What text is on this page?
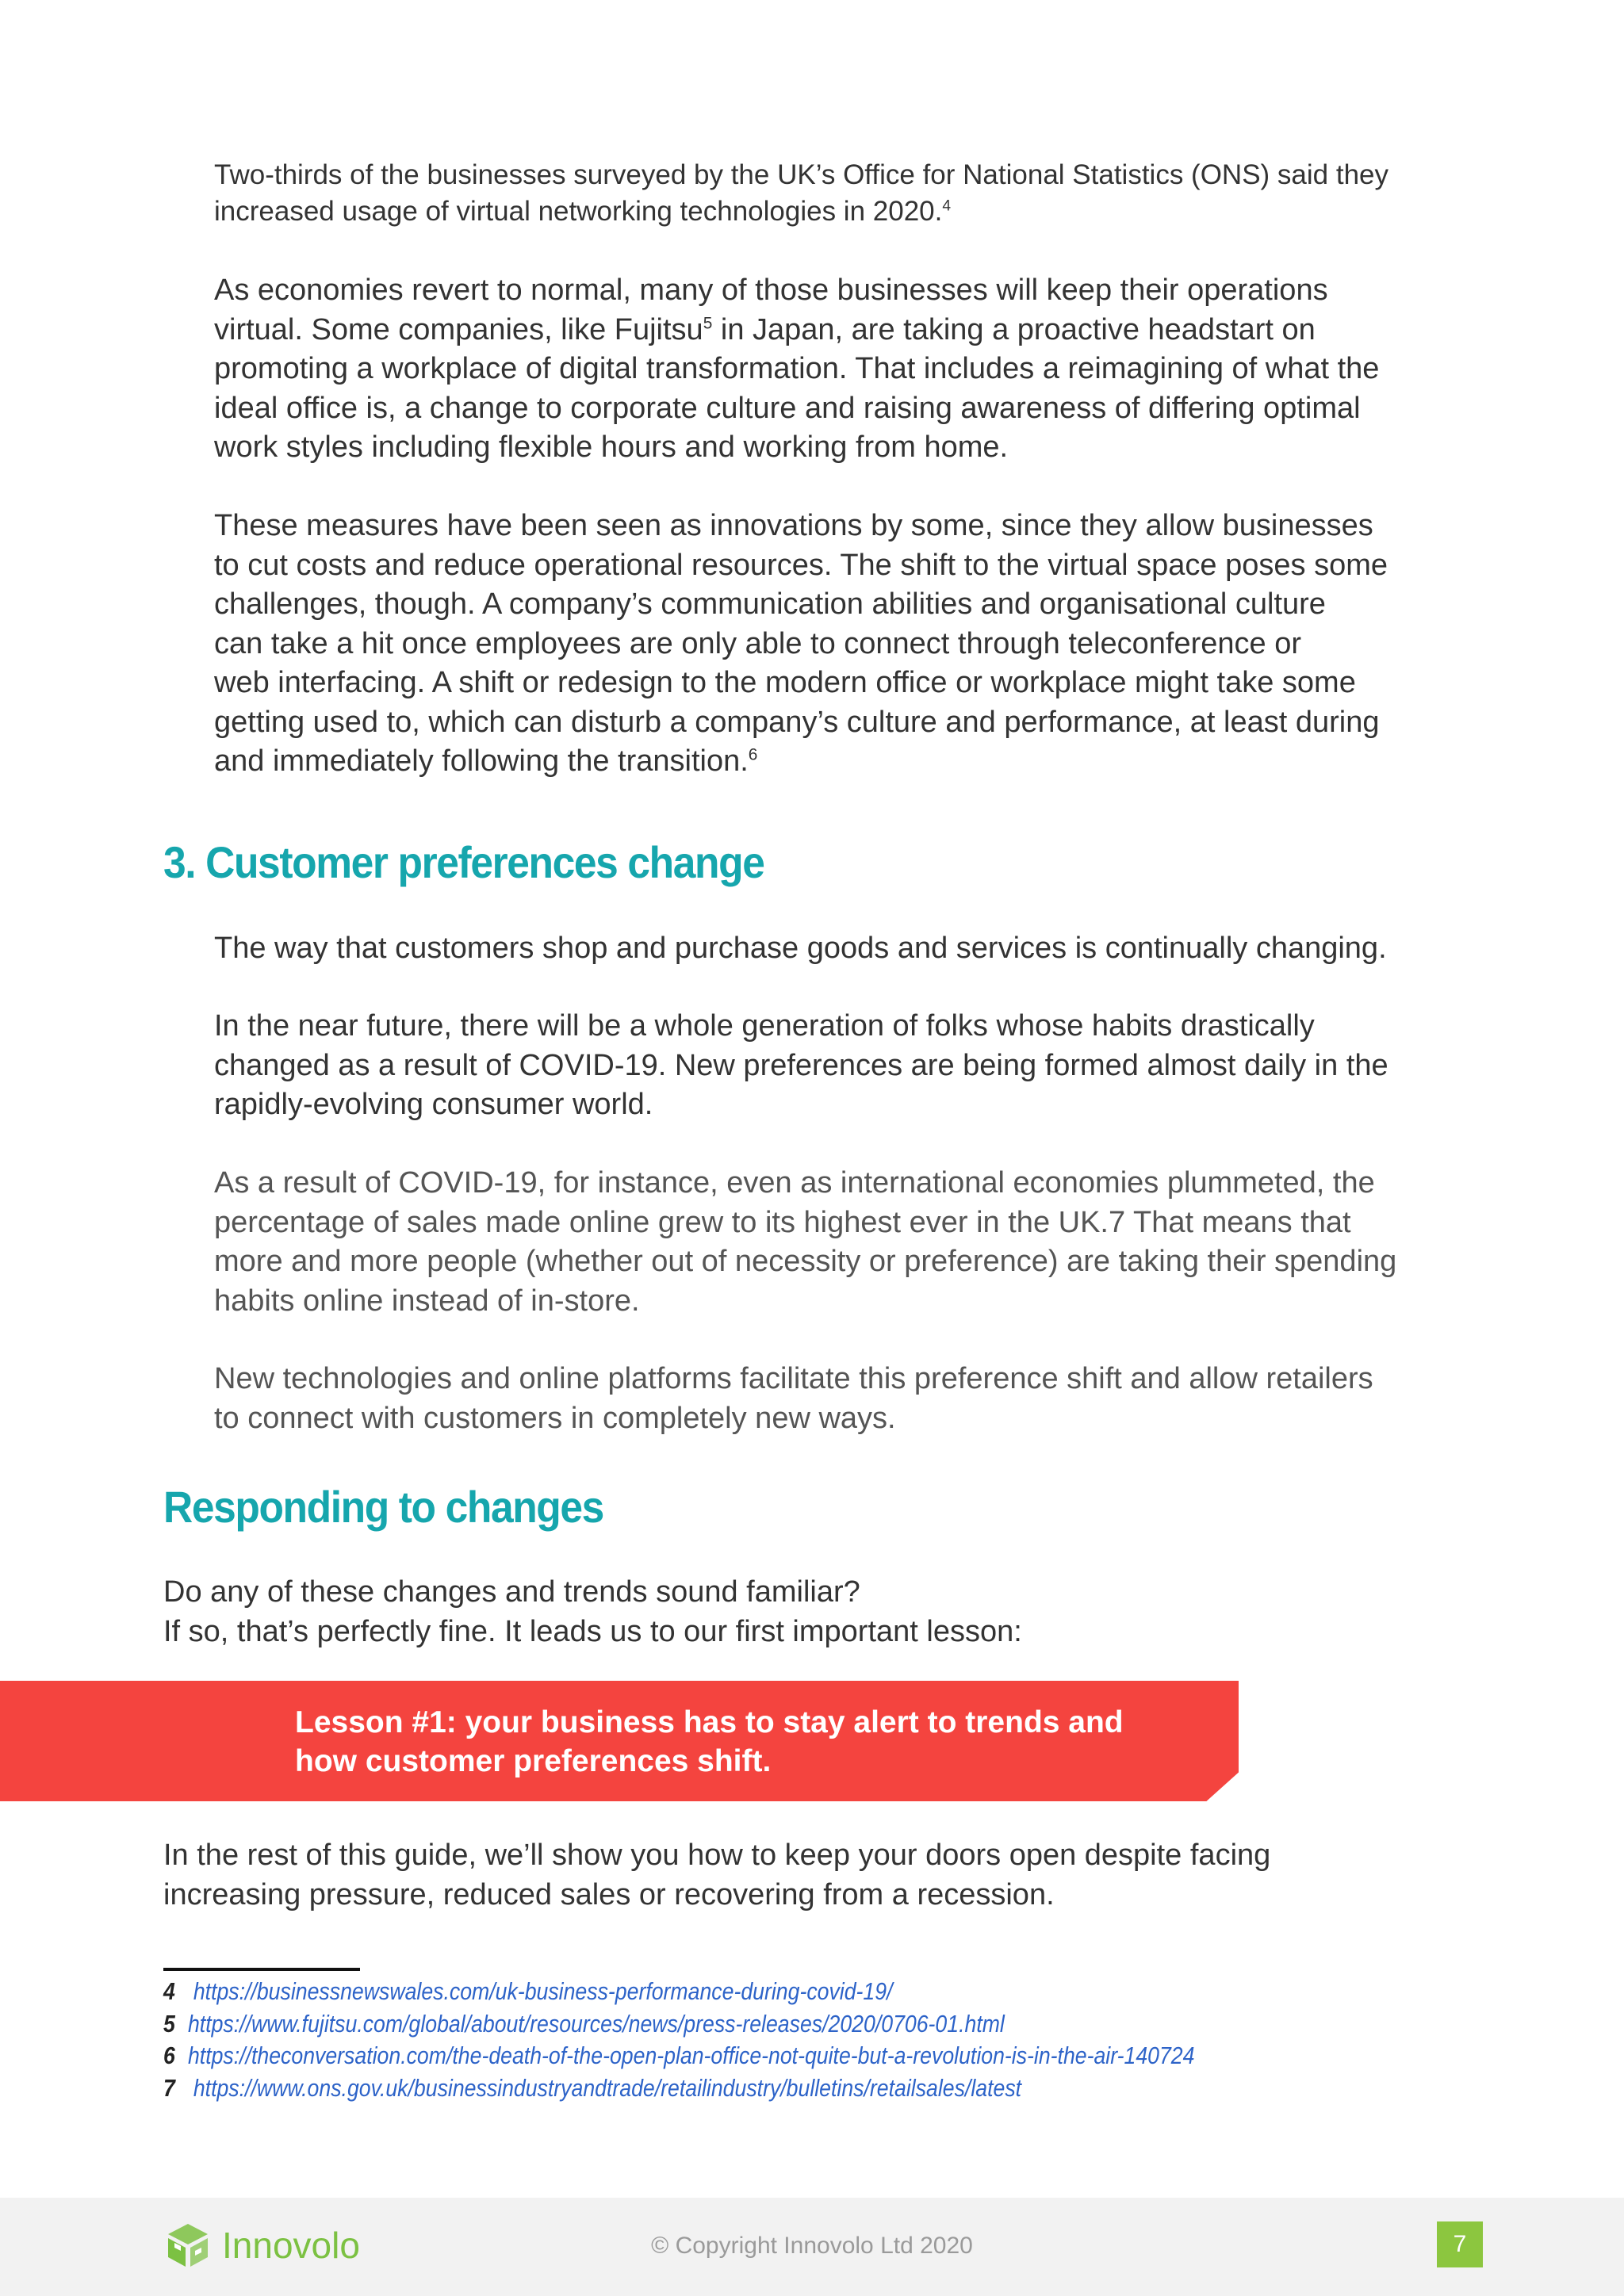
Two-thirds of the businesses surveyed by the UK’s Office for National Statistics (ONS) said they
increased usage of virtual networking technologies in 2020.$^4$

As economies revert to normal, many of those businesses will keep their operations
virtual. Some companies, like Fujitsu$^5$ in Japan, are taking a proactive headstart on
promoting a workplace of digital transformation. That includes a reimagining of what the
ideal office is, a change to corporate culture and raising awareness of differing optimal
work styles including flexible hours and working from home.

These measures have been seen as innovations by some, since they allow businesses
to cut costs and reduce operational resources. The shift to the virtual space poses some
challenges, though. A company’s communication abilities and organisational culture
can take a hit once employees are only able to connect through teleconference or
web interfacing. A shift or redesign to the modern office or workplace might take some
getting used to, which can disturb a company’s culture and performance, at least during
and immediately following the transition.$^6$

3. Customer preferences change

The way that customers shop and purchase goods and services is continually changing.

In the near future, there will be a whole generation of folks whose habits drastically
changed as a result of COVID-19. New preferences are being formed almost daily in the
rapidly-evolving consumer world.

As a result of COVID-19, for instance, even as international economies plummeted, the
percentage of sales made online grew to its highest ever in the UK.7 That means that
more and more people (whether out of necessity or preference) are taking their spending
habits online instead of in-store.

New technologies and online platforms facilitate this preference shift and allow retailers
to connect with customers in completely new ways.

Responding to changes

Do any of these changes and trends sound familiar?
If so, that’s perfectly fine. It leads us to our first important lesson:

Lesson #1: your business has to stay alert to trends and
how customer preferences shift.

In the rest of this guide, we’ll show you how to keep your doors open despite facing
increasing pressure, reduced sales or recovering from a recession.

4 https://businessnewswales.com/uk-business-performance-during-covid-19/
5 https://www.fujitsu.com/global/about/resources/news/press-releases/2020/0706-01.html
6 https://theconversation.com/the-death-of-the-open-plan-office-not-quite-but-a-revolution-is-in-the-air-140724
7 https://www.ons.gov.uk/businessindustryandtrade/retailindustry/bulletins/retailsales/latest
Innovolo	© Copyright Innovolo Ltd 2020	7
